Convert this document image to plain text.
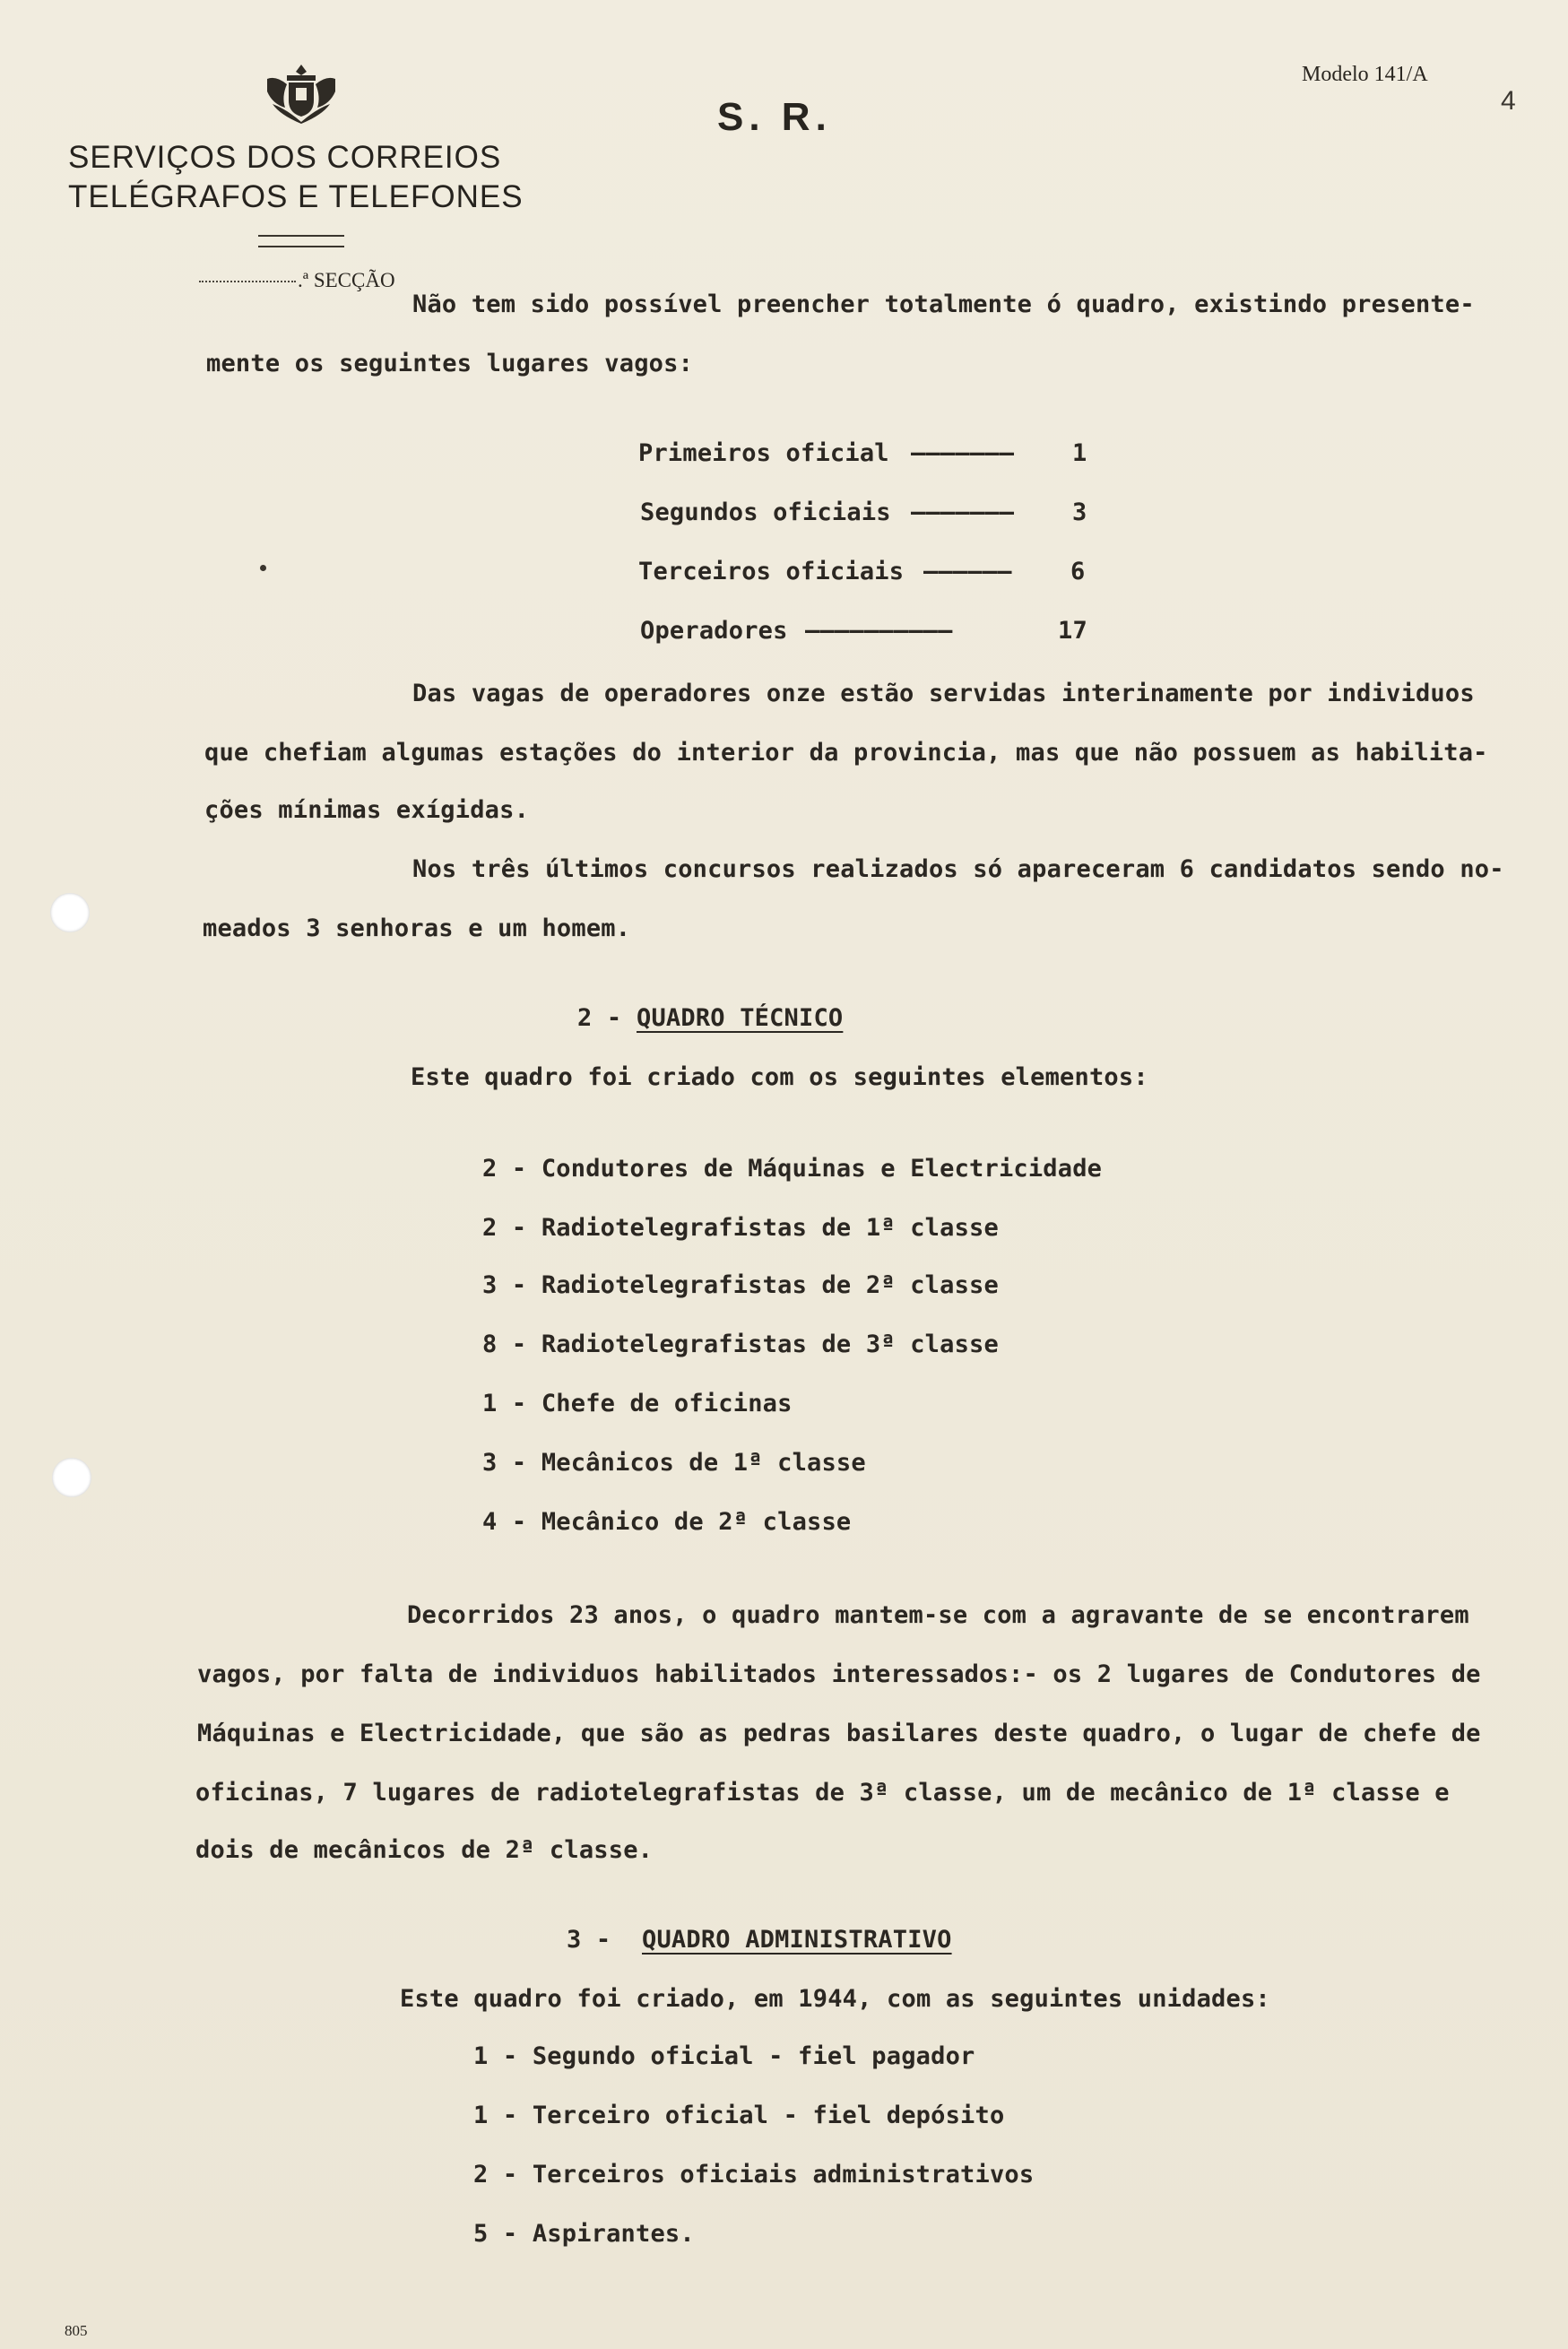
SERVIÇOS DOS CORREIOS
TELÉGRAFOS E TELEFONES
S. R.
Modelo 141/A
4
.ª SECÇÃO
Não tem sido possível preencher totalmente ó quadro, existindo presente-
mente os seguintes lugares vagos:
Primeiros oficial ——————— 1
Segundos oficiais ——————— 3
Terceiros oficiais —————— 6
Operadores ——————————	17
Das vagas de operadores onze estão servidas interinamente por individuos
que chefiam algumas estações do interior da provincia, mas que não possuem as habilita-
ções mínimas exígidas.
Nos três últimos concursos realizados só apareceram 6 candidatos sendo no-
meados 3 senhoras e um homem.
2 - QUADRO TÉCNICO
Este quadro foi criado com os seguintes elementos:
2 - Condutores de Máquinas e Electricidade
2 - Radiotelegrafistas de 1ª classe
3 - Radiotelegrafistas de 2ª classe
8 - Radiotelegrafistas de 3ª classe
1 - Chefe de oficinas
3 - Mecânicos de 1ª classe
4 - Mecânico de 2ª classe
Decorridos 23 anos, o quadro mantem-se com a agravante de se encontrarem
vagos, por falta de individuos habilitados interessados:- os 2 lugares de Condutores de
Máquinas e Electricidade, que são as pedras basilares deste quadro, o lugar de chefe de
oficinas, 7 lugares de radiotelegrafistas de 3ª classe, um de mecânico de 1ª classe e
dois de mecânicos de 2ª classe.
3 - QUADRO ADMINISTRATIVO
Este quadro foi criado, em 1944, com as seguintes unidades:
1 - Segundo oficial - fiel pagador
1 - Terceiro oficial - fiel depósito
2 - Terceiros oficiais administrativos
5 - Aspirantes.
805
